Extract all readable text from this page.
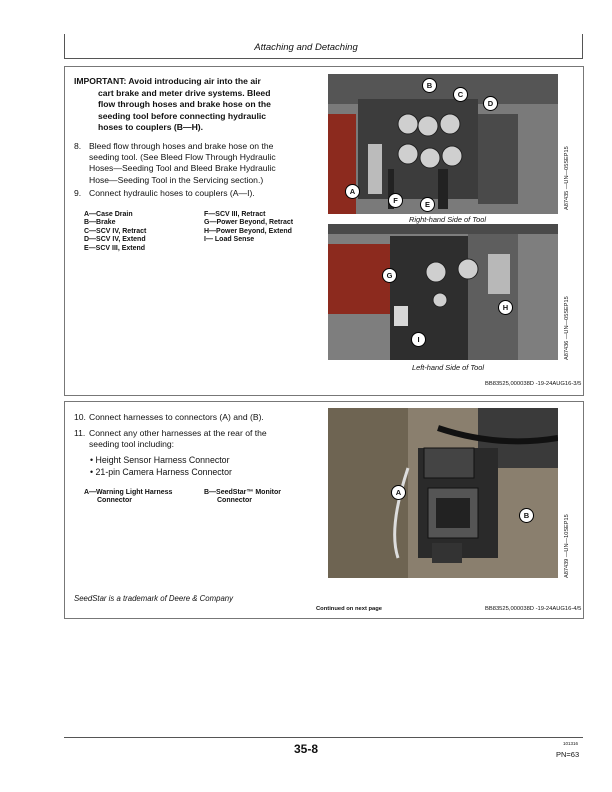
Attaching and Detaching
IMPORTANT: Avoid introducing air into the air
cart brake and meter drive systems. Bleed
flow through hoses and brake hose on the
seeding tool before connecting hydraulic
hoses to couplers (B—H).
8. Bleed flow through hoses and brake hose on the
seeding tool. (See Bleed Flow Through Hydraulic
Hoses—Seeding Tool and Bleed Brake Hydraulic
Hose—Seeding Tool in the Servicing section.)
9. Connect hydraulic hoses to couplers (A—I).
A—Case Drain
B—Brake
C—SCV IV, Retract
D—SCV IV, Extend
E—SCV III, Extend
F—SCV III, Retract
G—Power Beyond, Retract
H—Power Beyond, Extend
I— Load Sense
A
B
C
D
E
F
Right-hand Side of Tool
A87435 —UN—05SEP15
G
H
I
Left-hand Side of Tool
A87436 —UN—05SEP15
BB83525,000038D -19-24AUG16-3/5
10. Connect harnesses to connectors (A) and (B).
11. Connect any other harnesses at the rear of the
seeding tool including:
• Height Sensor Harness Connector
• 21-pin Camera Harness Connector
A—Warning Light Harness
Connector
B—SeedStar™ Monitor
Connector
A
B	A87439 —UN—10SEP15
SeedStar is a trademark of Deere & Company
Continued on next page	BB83525,000038D -19-24AUG16-4/5
35-8	101316
PN=63
